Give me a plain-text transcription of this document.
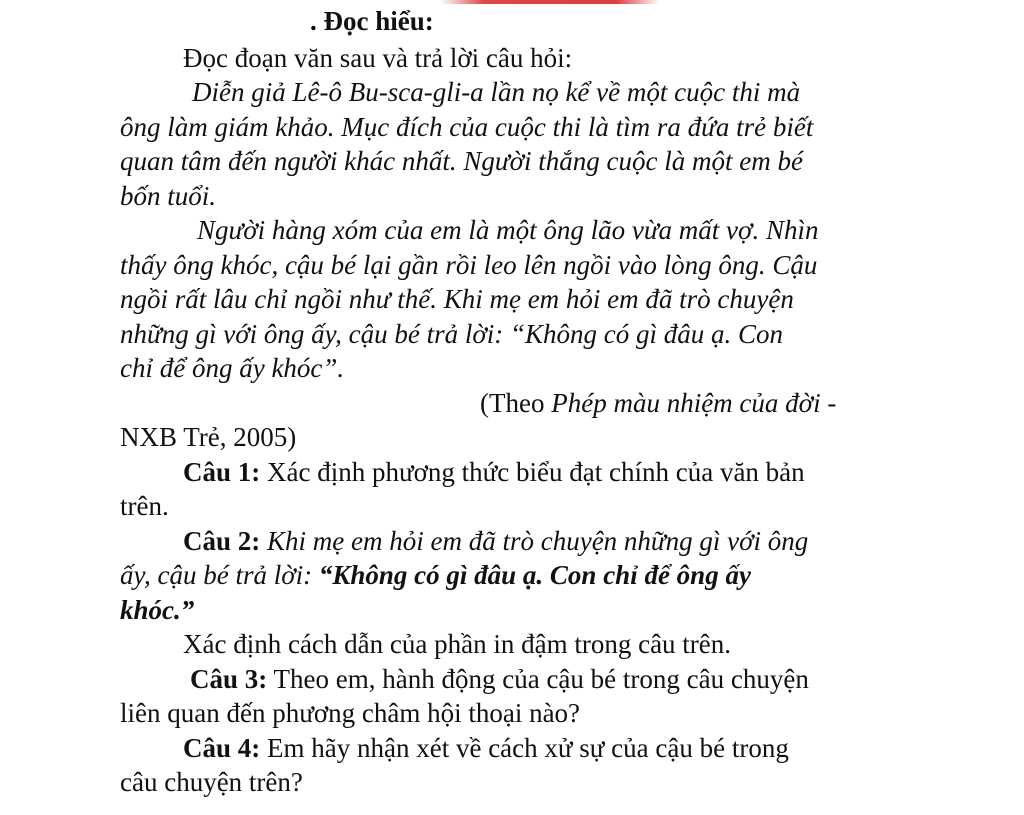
. Đọc hiểu:
Đọc đoạn văn sau và trả lời câu hỏi:
Diễn giả Lê-ô Bu-sca-gli-a lần nọ kể về một cuộc thi mà
ông làm giám khảo. Mục đích của cuộc thi là tìm ra đứa trẻ biết
quan tâm đến người khác nhất. Người thắng cuộc là một em bé
bốn tuổi.
Người hàng xóm của em là một ông lão vừa mất vợ. Nhìn
thấy ông khóc, cậu bé lại gần rồi leo lên ngồi vào lòng ông. Cậu
ngồi rất lâu chỉ ngồi như thế. Khi mẹ em hỏi em đã trò chuyện
những gì với ông ấy, cậu bé trả lời: “Không có gì đâu ạ. Con
chỉ để ông ấy khóc”.
(Theo Phép màu nhiệm của đời -
NXB Trẻ, 2005)
Câu 1: Xác định phương thức biểu đạt chính của văn bản
trên.
Câu 2: Khi mẹ em hỏi em đã trò chuyện những gì với ông
ấy, cậu bé trả lời: “Không có gì đâu ạ. Con chỉ để ông ấy
khóc.”
Xác định cách dẫn của phần in đậm trong câu trên.
Câu 3: Theo em, hành động của cậu bé trong câu chuyện
liên quan đến phương châm hội thoại nào?
Câu 4: Em hãy nhận xét về cách xử sự của cậu bé trong
câu chuyện trên?
